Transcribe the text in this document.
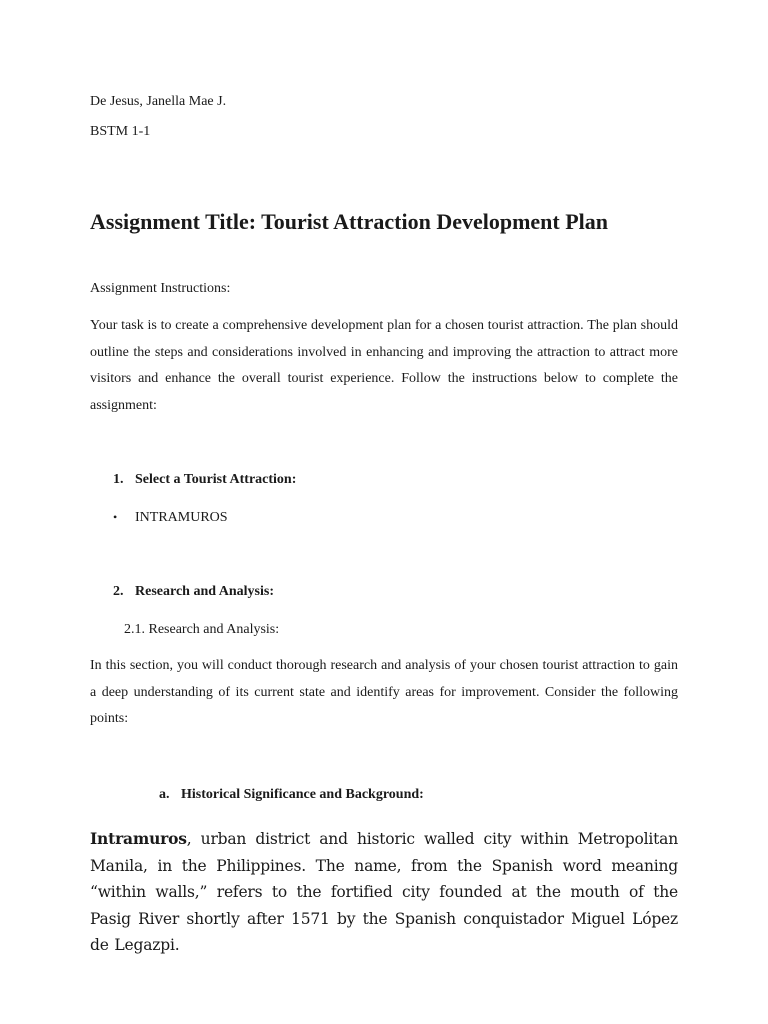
De Jesus, Janella Mae J.

BSTM 1-1

Assignment Title: Tourist Attraction Development Plan

Assignment Instructions:

Your task is to create a comprehensive development plan for a chosen tourist attraction. The plan should outline the steps and considerations involved in enhancing and improving the attraction to attract more visitors and enhance the overall tourist experience. Follow the instructions below to complete the assignment:

1. Select a Tourist Attraction:

• INTRAMUROS

2. Research and Analysis:

2.1. Research and Analysis:

In this section, you will conduct thorough research and analysis of your chosen tourist attraction to gain a deep understanding of its current state and identify areas for improvement. Consider the following points:

a. Historical Significance and Background:

Intramuros, urban district and historic walled city within Metropolitan Manila, in the Philippines. The name, from the Spanish word meaning “within walls,” refers to the fortified city founded at the mouth of the Pasig River shortly after 1571 by the Spanish conquistador Miguel López de Legazpi.
